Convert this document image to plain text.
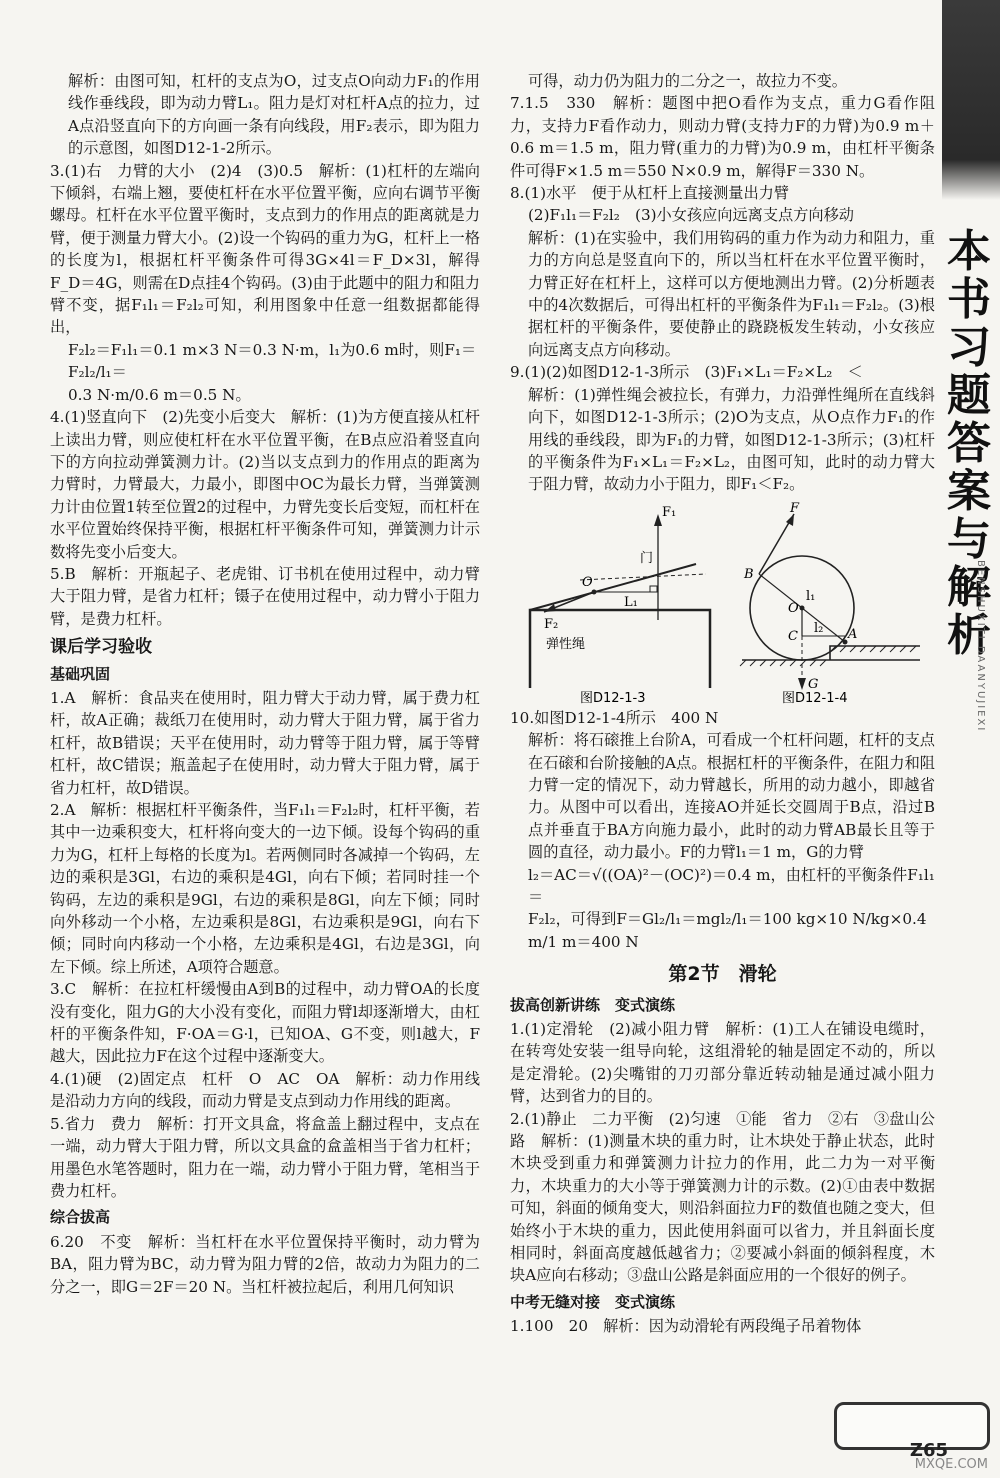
本书习题答案与解析
BENSHUXITI DAANYUJIEXI

解析：由图可知，杠杆的支点为O，过支点O向动力F₁的作用线作垂线段，即为动力臂L₁。阻力是灯对杠杆A点的拉力，过A点沿竖直向下的方向画一条有向线段，用F₂表示，即为阻力的示意图，如图D12-1-2所示。

3.(1)右　力臂的大小　(2)4　(3)0.5　解析：(1)杠杆的左端向下倾斜，右端上翘，要使杠杆在水平位置平衡，应向右调节平衡螺母。杠杆在水平位置平衡时，支点到力的作用点的距离就是力臂，便于测量力臂大小。(2)设一个钩码的重力为G，杠杆上一格的长度为l，根据杠杆平衡条件可得3G×4l＝F_D×3l，解得F_D＝4G，则需在D点挂4个钩码。(3)由于此题中的阻力和阻力臂不变，据F₁l₁＝F₂l₂可知，利用图象中任意一组数据都能得出，

F₂l₂＝F₁l₁＝0.1 m×3 N＝0.3 N·m，l₁为0.6 m时，则F₁＝F₂l₂/l₁＝

0.3 N·m/0.6 m＝0.5 N。

4.(1)竖直向下　(2)先变小后变大　解析：(1)为方便直接从杠杆上读出力臂，则应使杠杆在水平位置平衡，在B点应沿着竖直向下的方向拉动弹簧测力计。(2)当以支点到力的作用点的距离为力臂时，力臂最大，力最小，即图中OC为最长力臂，当弹簧测力计由位置1转至位置2的过程中，力臂先变长后变短，而杠杆在水平位置始终保持平衡，根据杠杆平衡条件可知，弹簧测力计示数将先变小后变大。

5.B　解析：开瓶起子、老虎钳、订书机在使用过程中，动力臂大于阻力臂，是省力杠杆；镊子在使用过程中，动力臂小于阻力臂，是费力杠杆。

课后学习验收
基础巩固

1.A　解析：食品夹在使用时，阻力臂大于动力臂，属于费力杠杆，故A正确；裁纸刀在使用时，动力臂大于阻力臂，属于省力杠杆，故B错误；天平在使用时，动力臂等于阻力臂，属于等臂杠杆，故C错误；瓶盖起子在使用时，动力臂大于阻力臂，属于省力杠杆，故D错误。

2.A　解析：根据杠杆平衡条件，当F₁l₁＝F₂l₂时，杠杆平衡，若其中一边乘积变大，杠杆将向变大的一边下倾。设每个钩码的重力为G，杠杆上每格的长度为l。若两侧同时各减掉一个钩码，左边的乘积是3Gl，右边的乘积是4Gl，向右下倾；若同时挂一个钩码，左边的乘积是9Gl，右边的乘积是8Gl，向左下倾；同时向外移动一个小格，左边乘积是8Gl，右边乘积是9Gl，向右下倾；同时向内移动一个小格，左边乘积是4Gl，右边是3Gl，向左下倾。综上所述，A项符合题意。

3.C　解析：在拉杠杆缓慢由A到B的过程中，动力臂OA的长度没有变化，阻力G的大小没有变化，而阻力臂l却逐渐增大，由杠杆的平衡条件知，F·OA＝G·l，已知OA、G不变，则l越大，F越大，因此拉力F在这个过程中逐渐变大。

4.(1)硬　(2)固定点　杠杆　O　AC　OA　解析：动力作用线是沿动力方向的线段，而动力臂是支点到动力作用线的距离。

5.省力　费力　解析：打开文具盒，将盒盖上翻过程中，支点在一端，动力臂大于阻力臂，所以文具盒的盒盖相当于省力杠杆；用墨色水笔答题时，阻力在一端，动力臂小于阻力臂，笔相当于费力杠杆。

综合拔高

6.20　不变　解析：当杠杆在水平位置保持平衡时，动力臂为BA，阻力臂为BC，动力臂为阻力臂的2倍，故动力为阻力的二分之一，即G＝2F＝20 N。当杠杆被拉起后，利用几何知识

可得，动力仍为阻力的二分之一，故拉力不变。

7.1.5　330　解析：题图中把O看作为支点，重力G看作阻力，支持力F看作动力，则动力臂(支持力F的力臂)为0.9 m＋0.6 m＝1.5 m，阻力臂(重力的力臂)为0.9 m，由杠杆平衡条件可得F×1.5 m＝550 N×0.9 m，解得F＝330 N。

8.(1)水平　便于从杠杆上直接测量出力臂

(2)F₁l₁＝F₂l₂　(3)小女孩应向远离支点方向移动

解析：(1)在实验中，我们用钩码的重力作为动力和阻力，重力的方向总是竖直向下的，所以当杠杆在水平位置平衡时，力臂正好在杠杆上，这样可以方便地测出力臂。(2)分析题表中的4次数据后，可得出杠杆的平衡条件为F₁l₁＝F₂l₂。(3)根据杠杆的平衡条件，要使静止的跷跷板发生转动，小女孩应向远离支点方向移动。

9.(1)(2)如图D12-1-3所示　(3)F₁×L₁＝F₂×L₂　＜

解析：(1)弹性绳会被拉长，有弹力，力沿弹性绳所在直线斜向下，如图D12-1-3所示；(2)O为支点，从O点作力F₁的作用线的垂线段，即为F₁的力臂，如图D12-1-3所示；(3)杠杆的平衡条件为F₁×L₁＝F₂×L₂，由图可知，此时的动力臂大于阻力臂，故动力小于阻力，即F₁＜F₂。

F₁
门
O
F₂
L₁
弹性绳
图D12-1-3
F
B
l₁
O
C
l₂ A
G
图D12-1-4

10.如图D12-1-4所示　400 N

解析：将石磙推上台阶A，可看成一个杠杆问题，杠杆的支点在石磙和台阶接触的A点。根据杠杆的平衡条件，在阻力和阻力臂一定的情况下，动力臂越长，所用的动力越小，即越省力。从图中可以看出，连接AO并延长交圆周于B点，沿过B点并垂直于BA方向施力最小，此时的动力臂AB最长且等于圆的直径，动力最小。F的力臂l₁＝1 m，G的力臂

l₂＝AC＝√((OA)²－(OC)²)＝0.4 m，由杠杆的平衡条件F₁l₁＝

F₂l₂，可得到F＝Gl₂/l₁＝mgl₂/l₁＝100 kg×10 N/kg×0.4 m/1 m＝400 N

第2节　滑轮
拔高创新讲练　变式演练

1.(1)定滑轮　(2)减小阻力臂　解析：(1)工人在铺设电缆时，在转弯处安装一组导向轮，这组滑轮的轴是固定不动的，所以是定滑轮。(2)尖嘴钳的刀刃部分靠近转动轴是通过减小阻力臂，达到省力的目的。

2.(1)静止　二力平衡　(2)匀速　①能　省力　②右　③盘山公路　解析：(1)测量木块的重力时，让木块处于静止状态，此时木块受到重力和弹簧测力计拉力的作用，此二力为一对平衡力，木块重力的大小等于弹簧测力计的示数。(2)①由表中数据可知，斜面的倾角变大，则沿斜面拉力F的数值也随之变大，但始终小于木块的重力，因此使用斜面可以省力，并且斜面长度相同时，斜面高度越低越省力；②要减小斜面的倾斜程度，木块A应向右移动；③盘山公路是斜面应用的一个很好的例子。

中考无缝对接　变式演练

1.100　20　解析：因为动滑轮有两段绳子吊着物体

Z65
MXQE.COM
